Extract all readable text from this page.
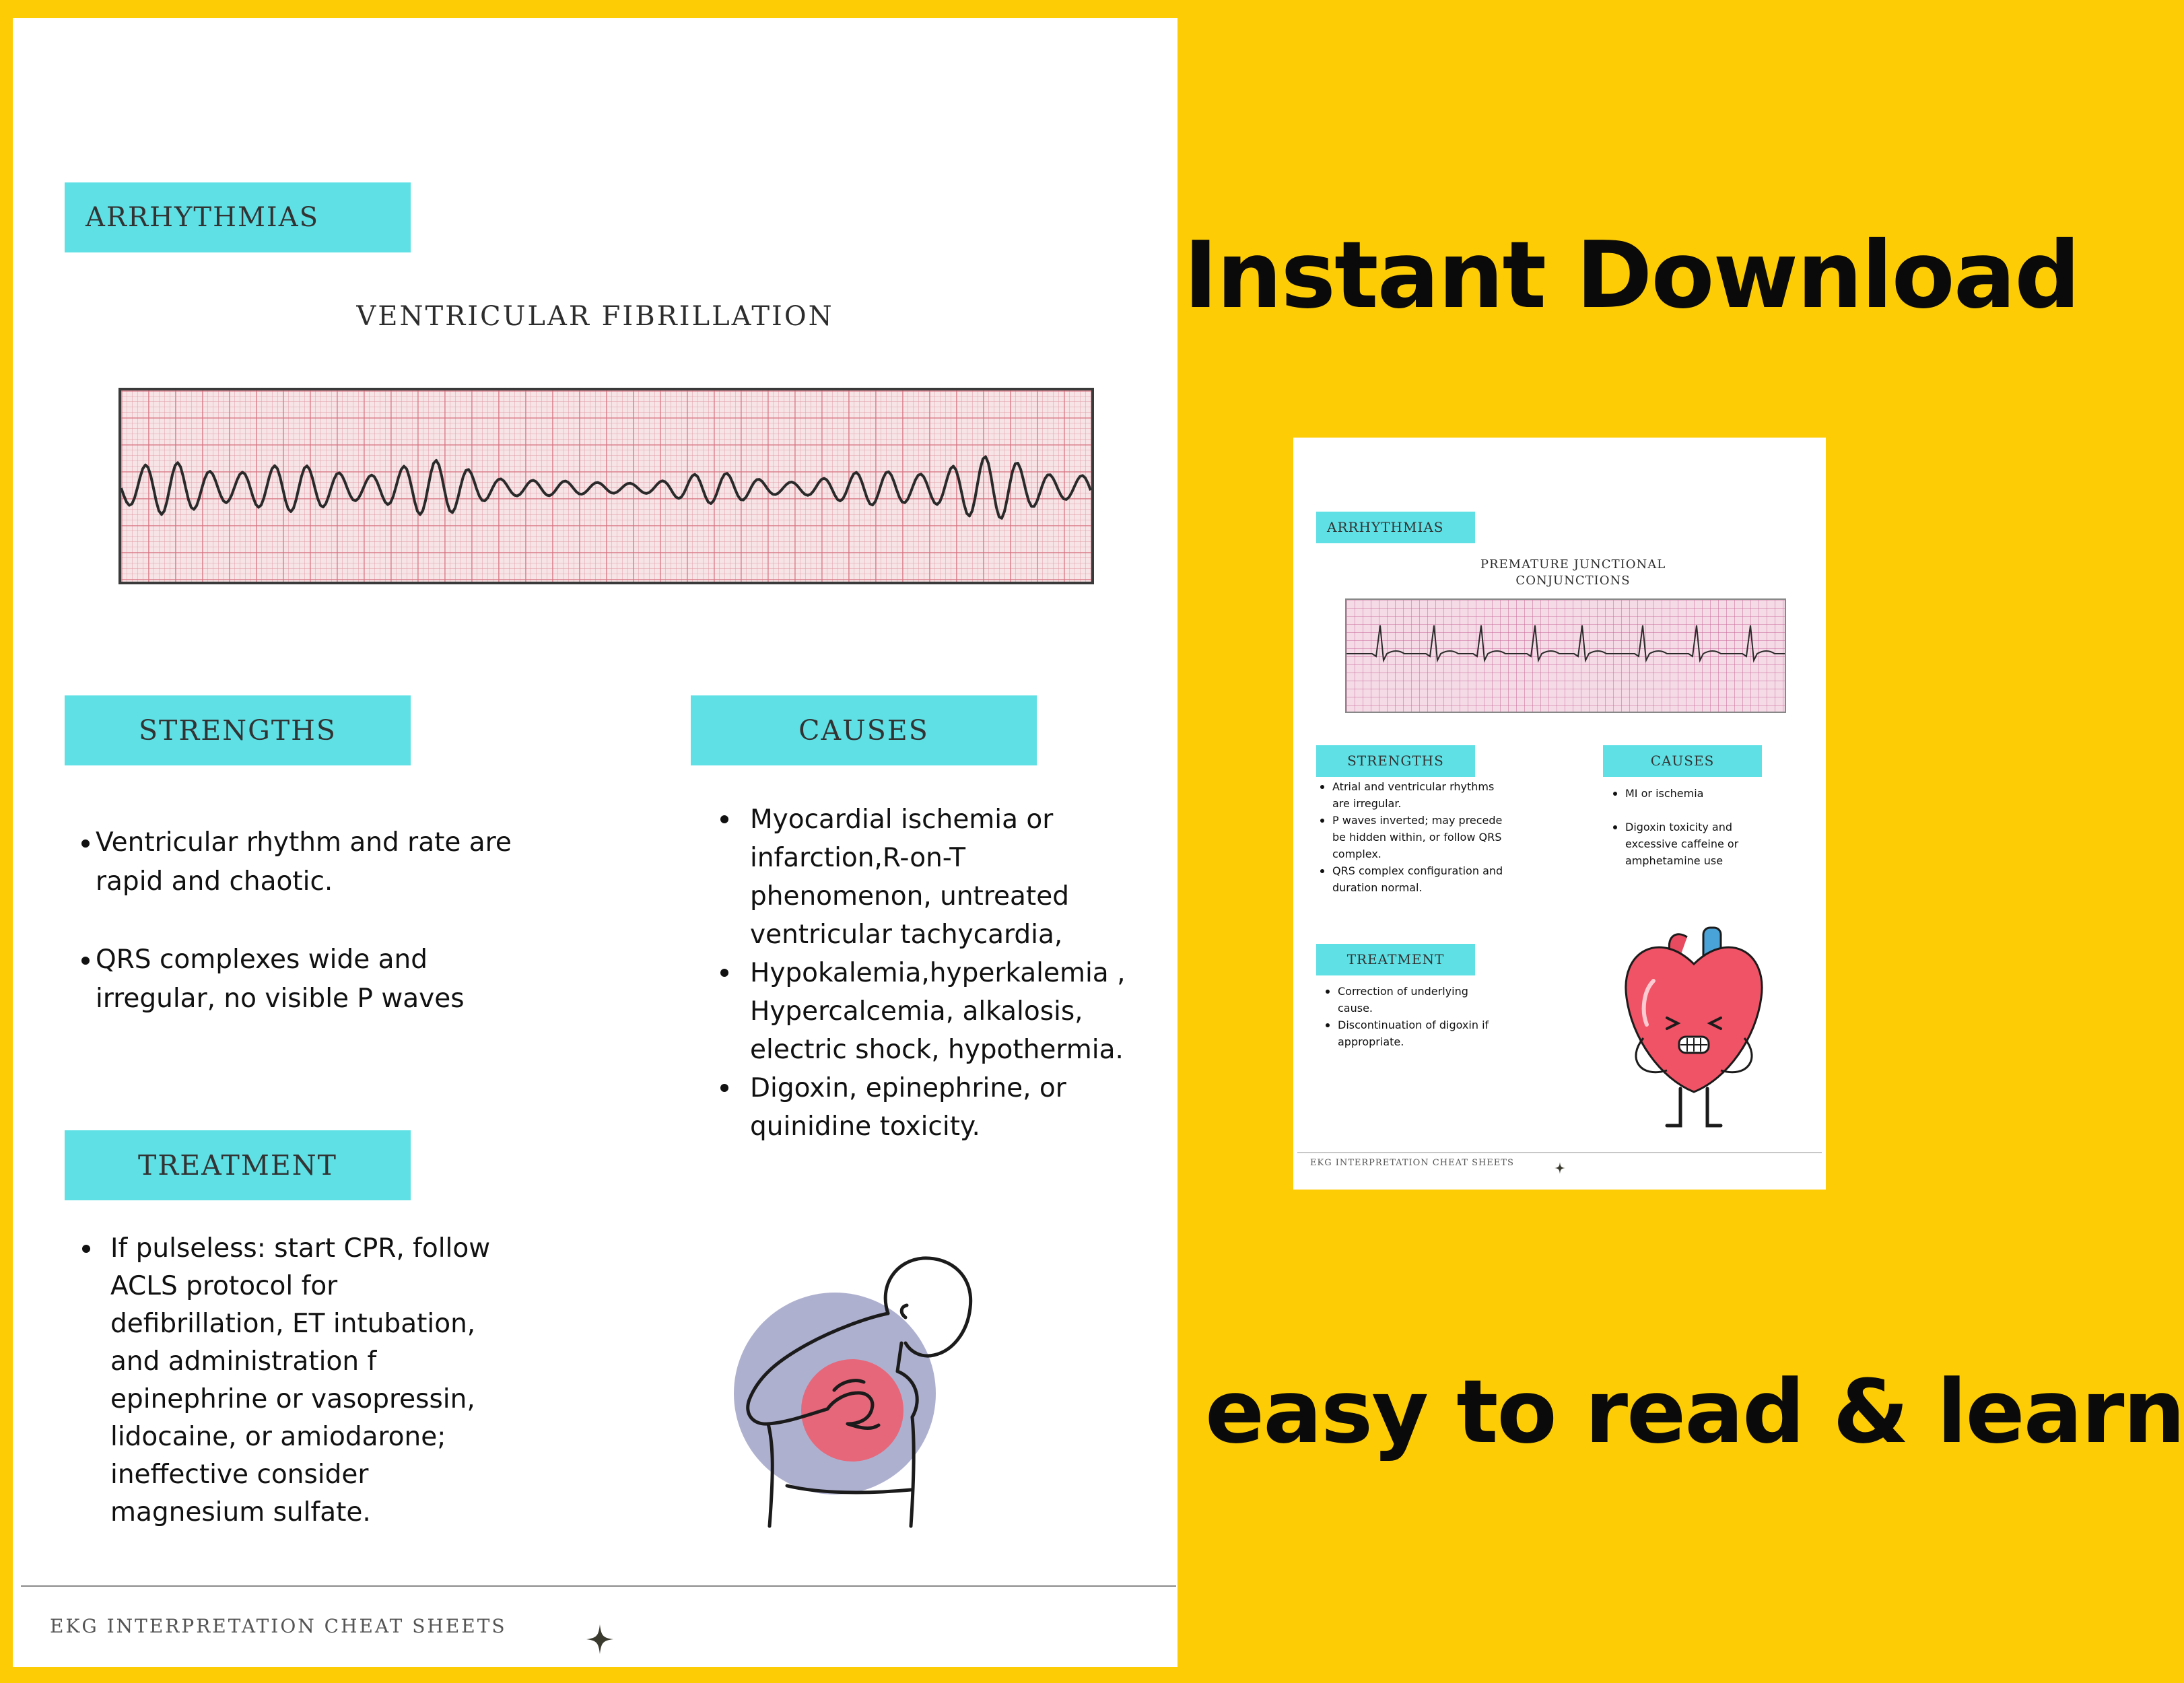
ARRHYTHMIAS
VENTRICULAR FIBRILLATION
STRENGTHS
Ventricular rhythm and rate are rapid and chaotic.
QRS complexes wide and irregular, no visible P waves
CAUSES
Myocardial ischemia or infarction,R-on-T phenomenon, untreated ventricular tachycardia,
Hypokalemia,hyperkalemia , Hypercalcemia, alkalosis, electric shock, hypothermia.
Digoxin, epinephrine, or quinidine toxicity.
TREATMENT
If pulseless: start CPR, follow ACLS protocol for defibrillation, ET intubation, and administration f epinephrine or vasopressin, lidocaine, or amiodarone; ineffective consider magnesium sulfate.
EKG INTERPRETATION CHEAT SHEETS
Instant Download
easy to read & learn
ARRHYTHMIAS
PREMATURE JUNCTIONAL
CONJUNCTIONS
STRENGTHS
Atrial and ventricular rhythms are irregular.
P waves inverted; may precede be hidden within, or follow QRS complex.
QRS complex configuration and duration normal.
CAUSES
MI or ischemia
Digoxin toxicity and excessive caffeine or amphetamine use
TREATMENT
Correction of underlying cause.
Discontinuation of digoxin if appropriate.
EKG INTERPRETATION CHEAT SHEETS
